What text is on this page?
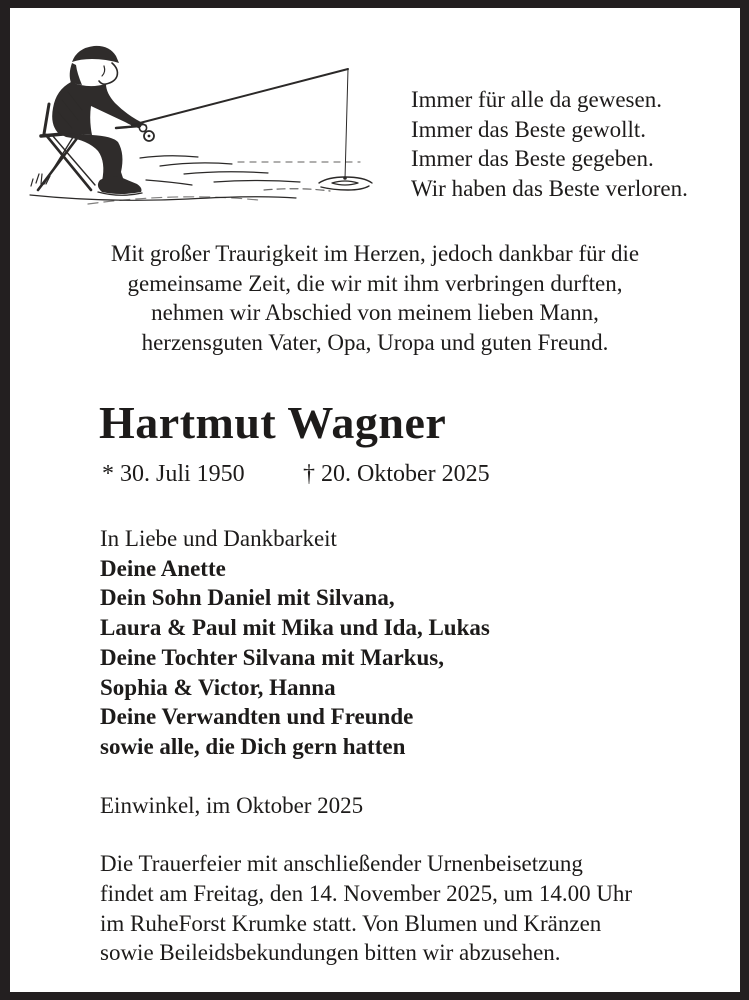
Immer für alle da gewesen.
Immer das Beste gewollt.
Immer das Beste gegeben.
Wir haben das Beste verloren.
Mit großer Traurigkeit im Herzen, jedoch dankbar für die
gemeinsame Zeit, die wir mit ihm verbringen durften,
nehmen wir Abschied von meinem lieben Mann,
herzensguten Vater, Opa, Uropa und guten Freund.
Hartmut Wagner
* 30. Juli 1950 † 20. Oktober 2025
In Liebe und Dankbarkeit
Deine Anette
Dein Sohn Daniel mit Silvana,
Laura & Paul mit Mika und Ida, Lukas
Deine Tochter Silvana mit Markus,
Sophia & Victor, Hanna
Deine Verwandten und Freunde
sowie alle, die Dich gern hatten
Einwinkel, im Oktober 2025
Die Trauerfeier mit anschließender Urnenbeisetzung
findet am Freitag, den 14. November 2025, um 14.00 Uhr
im RuheForst Krumke statt. Von Blumen und Kränzen
sowie Beileidsbekundungen bitten wir abzusehen.
